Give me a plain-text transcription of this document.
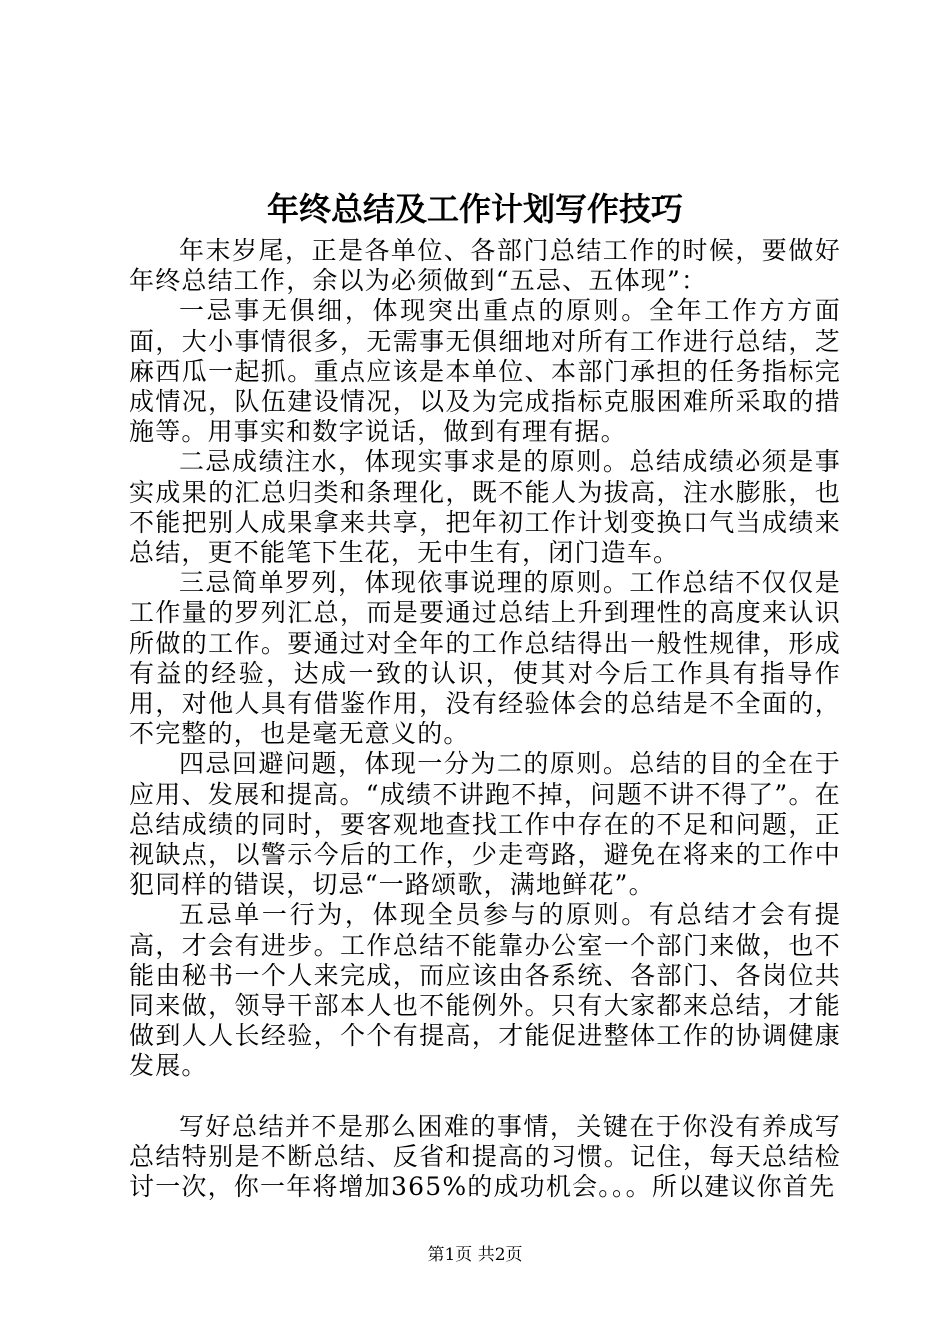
年终总结及工作计划写作技巧

年末岁尾，正是各单位、各部门总结工作的时候，要做好年终总结工作，余以为必须做到“五忌、五体现”：

一忌事无俱细，体现突出重点的原则。全年工作方方面面，大小事情很多，无需事无俱细地对所有工作进行总结，芝麻西瓜一起抓。重点应该是本单位、本部门承担的任务指标完成情况，队伍建设情况，以及为完成指标克服困难所采取的措施等。用事实和数字说话，做到有理有据。

二忌成绩注水，体现实事求是的原则。总结成绩必须是事实成果的汇总归类和条理化，既不能人为拔高，注水膨胀，也不能把别人成果拿来共享，把年初工作计划变换口气当成绩来总结，更不能笔下生花，无中生有，闭门造车。

三忌简单罗列，体现依事说理的原则。工作总结不仅仅是工作量的罗列汇总，而是要通过总结上升到理性的高度来认识所做的工作。要通过对全年的工作总结得出一般性规律，形成有益的经验，达成一致的认识，使其对今后工作具有指导作用，对他人具有借鉴作用，没有经验体会的总结是不全面的，不完整的，也是毫无意义的。

四忌回避问题，体现一分为二的原则。总结的目的全在于应用、发展和提高。“成绩不讲跑不掉，问题不讲不得了”。在总结成绩的同时，要客观地查找工作中存在的不足和问题，正视缺点，以警示今后的工作，少走弯路，避免在将来的工作中犯同样的错误，切忌“一路颂歌，满地鲜花”。

五忌单一行为，体现全员参与的原则。有总结才会有提高，才会有进步。工作总结不能靠办公室一个部门来做，也不能由秘书一个人来完成，而应该由各系统、各部门、各岗位共同来做，领导干部本人也不能例外。只有大家都来总结，才能做到人人长经验，个个有提高，才能促进整体工作的协调健康发展。

写好总结并不是那么困难的事情，关键在于你没有养成写总结特别是不断总结、反省和提高的习惯。记住，每天总结检讨一次，你一年将增加365%的成功机会。。。所以建议你首先

第1页 共2页
